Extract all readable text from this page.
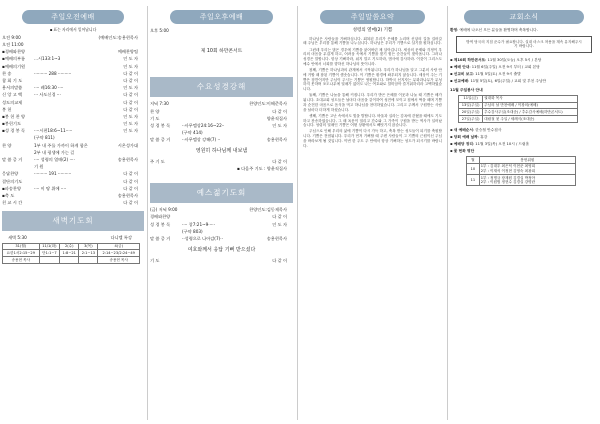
주일오전예배
▪ 표는 자리에서 일어납니다
오전 9:00	(예배인도:송용현목사
오전 11:00
▪경배와찬양	예배찬양팀
▪예배의부름	...시133:1~3	인 도 자
▪예배의기원	인 도 자
찬 송	·········· 288 ··········	다 같 이
참 회 기 도	다 같 이
용서의말씀	···· 레16:30 ····	인 도 자
신 앙 고 백	··· 사도신경 ···	다 같 이
성도의교제	다 같 이
봉 헌	다 같 이
▪봉 헌 찬 양	인 도 자
▪봉헌기도	인 도 자
▪성 경 봉 독	····시편18:6~11·····	인 도 자
(구약 811)
찬 양	1부 내 주를 가까이 하게 함은	시온성가대
2부 내 평생에 가는 길
말 씀 증 거	···· 성령의 열매(2) ····	송용현목사
기 원
응답찬양	·········· 191 ··········	다 같 이
결단의기도	다 같 이
▪파송찬양	···· 이 땅 위에 ····	다 같 이
▪축 도	송용현목사
친 교 시 간	다 같 이
새벽기도회
새벽 5:30	다니엘 특강
31(월)	11/1(화)	2(수)	3(목)	4(금)
요한1서2:15~29	단1:1~7	1:8~21	2:1~13	2:14~23/2:24~49
송용현 목사				송용현 목사
주일오후예배
오후 5:00
제 10회 하만콘서트
수요성경강해
저녁 7:30	찬양인도:이해준목사
찬 양	다 같 이
기 도	양윤직집사
성 경 봉 독	··사무엘상24:16~22··	인 도 자
(구약 414)
말 씀 증 거	··사무엘상 강해(7) ··	송용현목사
영원히 하나님께 내보냄
주 기 도	다 같 이
▪ 다음주 기도 : 양윤직집사
예스젊기도회
(금) 저녁 9:00	찬양인도:김동제목사
경배와찬양	다 같 이
성 경 봉 독	···· 창7:21~9·····	인 도 자
(구약 803)
말 씀 증 거	··성령으로 나아감(7)··	송용현목사
여호와께서 응답 기뻐 받으셨다
기 도	다 같 이
주일말씀요약
성령의 열매(2) 기쁨

하나님은 사람들을 기뻐하십니다. 회복된 우리가 은혜를 누리며 신앙의 길을 걸어갈 때 주님은 우리를 통해 기쁨을 나누십니다. 하나님은 우리가 기쁨으로 살기를 원하십니다.

그런데 우리는 많은 경우에 기쁨을 잃어버린 채 살아갑니다. 세상의 문제와 걱정이 우리의 마음을 무겁게 하고, 어려움 속에서 기쁨을 찾기 힘든 순간들이 찾아옵니다. 그러나 성경은 말합니다. 항상 기뻐하라, 쉬지 말고 기도하라, 범사에 감사하라. 이것이 그리스도 예수 안에서 너희를 향하신 하나님의 뜻이니라.

첫째, 기쁨은 하나님과의 관계에서 시작됩니다. 우리가 하나님을 알고 그분의 사랑 안에 거할 때 참된 기쁨이 샘솟습니다. 이 기쁨은 환경에 좌우되지 않습니다. 세상이 주는 기쁨은 잠깐이지만 주님이 주시는 기쁨은 영원합니다. 하박국 선지자는 무화과나무가 무성하지 못하며 포도나무에 열매가 없어도 나는 여호와로 말미암아 즐거워하리라 고백하였습니다.

둘째, 기쁨은 나눔을 통해 커집니다. 우리가 받은 은혜를 이웃과 나눌 때 기쁨은 배가 됩니다. 초대교회 성도들은 날마다 마음을 같이하여 성전에 모이고 집에서 떡을 떼며 기쁨과 순전한 마음으로 음식을 먹고 하나님을 찬미하였습니다. 그리고 주께서 구원받는 사람을 날마다 더하게 하셨습니다.

셋째, 기쁨은 고난 속에서도 빛을 발합니다. 바울과 실라는 감옥에 갇혔을 때에도 기도하고 찬송하였습니다. 그 때 옥문이 열리고 간수와 그 가족이 구원을 받는 역사가 일어났습니다. 성령의 열매인 기쁨은 어떤 상황에서도 빼앗기지 않습니다.

주님으로 인해 우리의 삶에 기쁨이 다시 가득 하고, 축복 받는 성도들이 되기를 축원합니다. 기쁨은 전염됩니다. 우리가 먼저 기뻐할 때 주변 사람들이 그 기쁨의 근원이신 주님을 바라보게 될 것입니다. 이번 한 주도 주 안에서 항상 기뻐하는 성도가 되시기를 바랍니다.

교회소식
환영: 예배에 나오신 모든 분들을 환영하며 축복합니다.
방역 당국의 지침 준수가 필요합니다. 실내 마스크 착용을 계속 유지해주시기 바랍니다.
▪ 제10회 하만콘서트: 11월 30일(오늘) 오후 5시 / 본당
▪ 예배 안내: 11월 6일(주일) 오전 9시 부터 / 교회 본당
▪ 선교비 보고: 11월 5일(토) 오전 9시 출발
▪ 선교예배: 11월 5일(토), 6일(주일) / 교회 및 부천 주님안
11월 주일봉사 안내
11일(금)	권대화 목사
13일(주일)	주님의 날 만찬예배 / 이창의(예배)
20일(주일)	추수감사주일(조대준) / 추수감사예배(하만콘서트)
27일(주일)	대림절 첫 주일 / 세례식(조대준)
▪ 새 예배순서: 한승철 안수집사
▪ 당회 예배 날짜: 휴강
▪ 예배당 정리: 11월 3일(목) 오전 10시 / 드림홀
▪ 꽃 헌화 명단
월	봉헌위원
10	1부 : 김대우 최은덕 이현준 최영희
2부 : 이재석 이정현 김영숙 최광희
11	1부 : 정명규 장재원 김경실 박정아
2부 : 이원범 정현수 김경실 강명란
